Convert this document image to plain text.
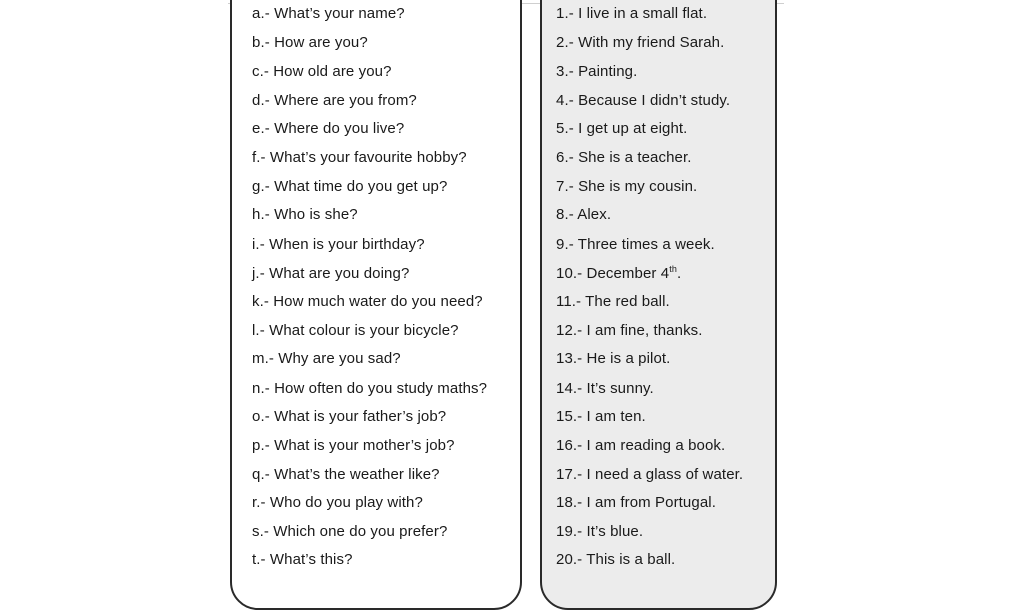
a.- What’s your name?
b.- How are you?
c.- How old are you?
d.- Where are you from?
e.- Where do you live?
f.- What’s your favourite hobby?
g.- What time do you get up?
h.- Who is she?
i.- When is your birthday?
j.- What are you doing?
k.- How much water do you need?
l.- What colour is your bicycle?
m.- Why are you sad?
n.- How often do you study maths?
o.- What is your father’s job?
p.- What is your mother’s job?
q.- What’s the weather like?
r.- Who do you play with?
s.- Which one do you prefer?
t.- What’s this?
1.- I live in a small flat.
2.- With my friend Sarah.
3.- Painting.
4.- Because I didn’t study.
5.- I get up at eight.
6.- She is a teacher.
7.- She is my cousin.
8.- Alex.
9.- Three times a week.
10.- December 4th.
11.- The red ball.
12.- I am fine, thanks.
13.- He is a pilot.
14.- It’s sunny.
15.- I am ten.
16.- I am reading a book.
17.- I need a glass of water.
18.- I am from Portugal.
19.- It’s blue.
20.- This is a ball.
